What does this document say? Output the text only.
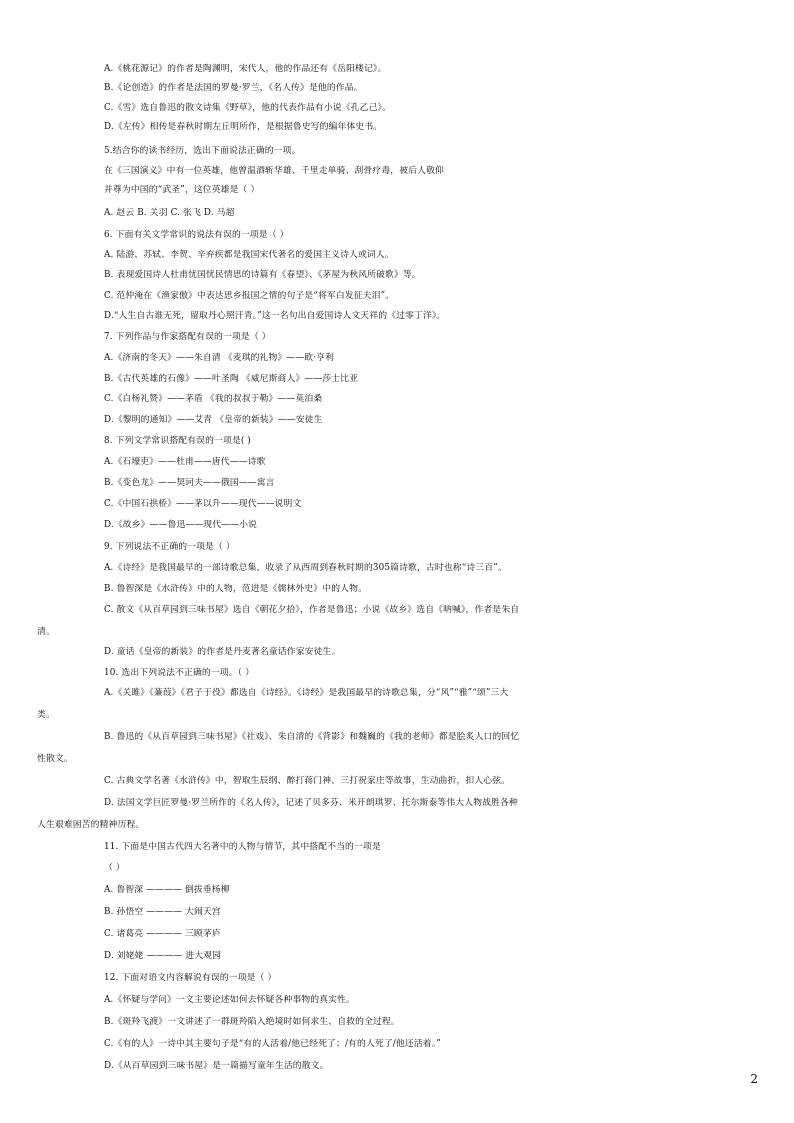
A.《桃花源记》的作者是陶渊明，宋代人，他的作品还有《岳阳楼记》。
B.《论创造》的作者是法国的罗曼·罗兰，《名人传》是他的作品。
C.《雪》选自鲁迅的散文诗集《野草》，他的代表作品有小说《孔乙己》。
D.《左传》相传是春秋时期左丘明所作，是根据鲁史写的编年体史书。
5.结合你的读书经历，选出下面说法正确的一项。
在《三国演义》中有一位英雄，他曾温酒斩华雄、千里走单骑、刮骨疗毒，被后人敬仰
并尊为中国的“武圣”，这位英雄是（ ）
A. 赵云 B. 关羽 C. 张飞 D. 马超
6. 下面有关文学常识的说法有误的一项是（ ）
A. 陆游、苏轼、李贺、辛弃疾都是我国宋代著名的爱国主义诗人或词人。
B. 表现爱国诗人杜甫忧国忧民情思的诗篇有《春望》、《茅屋为秋风所破歌》等。
C. 范仲淹在《渔家傲》中表达思乡报国之情的句子是“将军白发征夫泪”。
D.“人生自古谁无死，留取丹心照汗青。”这一名句出自爱国诗人文天祥的《过零丁洋》。
7. 下列作品与作家搭配有误的一项是（ ）
A.《济南的冬天》——朱自清 《麦琪的礼物》——欧·亨利
B.《古代英雄的石像》——叶圣陶 《威尼斯商人》——莎士比亚
C.《白杨礼赞》——茅盾 《我的叔叔于勒》——莫泊桑
D.《黎明的通知》——艾青 《皇帝的新装》——安徒生
8. 下列文学常识搭配有误的一项是( )
A.《石壕吏》——杜甫——唐代——诗歌
B.《变色龙》——契诃夫——俄国——寓言
C.《中国石拱桥》——茅以升——现代——说明文
D.《故乡》——鲁迅——现代——小说
9. 下列说法不正确的一项是（ ）
A.《诗经》是我国最早的一部诗歌总集，收录了从西周到春秋时期的305篇诗歌，古时也称“诗三百”。
B. 鲁智深是《水浒传》中的人物，范进是《儒林外史》中的人物。
C. 散文《从百草园到三味书屋》选自《朝花夕拾》，作者是鲁迅；小说《故乡》选自《呐喊》，作者是朱自
清。
D. 童话《皇帝的新装》的作者是丹麦著名童话作家安徒生。
10. 选出下列说法不正确的一项。（ ）
A.《关雎》《蒹葭》《君子于役》都选自《诗经》。《诗经》是我国最早的诗歌总集，分“风”“雅”“颂”三大
类。
B. 鲁迅的《从百草园到三味书屋》《社戏》、朱自清的《背影》和魏巍的《我的老师》都是脍炙人口的回忆
性散文。
C. 古典文学名著《水浒传》中，智取生辰纲、醉打蒋门神、三打祝家庄等故事，生动曲折，扣人心弦。
D. 法国文学巨匠罗曼·罗兰所作的《名人传》，记述了贝多芬、米开朗琪罗、托尔斯泰等伟大人物战胜各种
人生艰难困苦的精神历程。
11. 下面是中国古代四大名著中的人物与情节，其中搭配不当的一项是
（ ）
A. 鲁智深 ———— 倒拔垂杨柳
B. 孙悟空 ———— 大闹天宫
C. 诸葛亮 ———— 三顾茅庐
D. 刘姥姥 ———— 进大观园
12. 下面对语文内容解说有误的一项是（ ）
A.《怀疑与学问》一文主要论述如何去怀疑各种事物的真实性。
B.《斑羚飞渡》一文讲述了一群斑羚陷入绝境时如何求生、自救的全过程。
C.《有的人》一诗中其主要句子是“有的人活着/他已经死了；/有的人死了/他还活着。”
D.《从百草园到三味书屋》是一篇描写童年生活的散文。
2
